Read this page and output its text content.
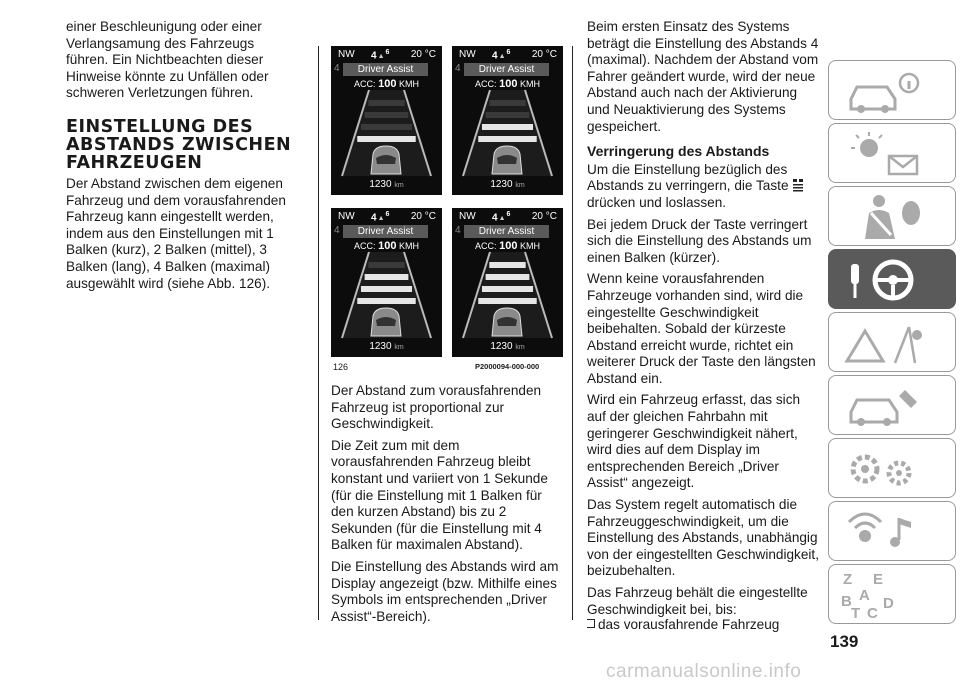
einer Beschleunigung oder einer Verlangsamung des Fahrzeugs führen. Ein Nichtbeachten dieser Hinweise könnte zu Unfällen oder schweren Verletzungen führen.

EINSTELLUNG DES ABSTANDS ZWISCHEN FAHRZEUGEN

Der Abstand zwischen dem eigenen Fahrzeug und dem vorausfahrenden Fahrzeug kann eingestellt werden, indem aus den Einstellungen mit 1 Balken (kurz), 2 Balken (mittel), 3 Balken (lang), 4 Balken (maximal) ausgewählt wird (siehe Abb. 126).

NW 4▲$^6$ 20 °C
4	Driver Assist
ACC: 100 KMH
1230 km
NW 4▲$^6$ 20 °C
4	Driver Assist
ACC: 100 KMH
1230 km
NW 4▲$^6$ 20 °C
4	Driver Assist
ACC: 100 KMH
1230 km
NW 4▲$^6$ 20 °C
4	Driver Assist
ACC: 100 KMH
1230 km
126	P2000094-000-000

Der Abstand zum vorausfahrenden Fahrzeug ist proportional zur Geschwindigkeit.

Die Zeit zum mit dem vorausfahrenden Fahrzeug bleibt konstant und variiert von 1 Sekunde (für die Einstellung mit 1 Balken für den kurzen Abstand) bis zu 2 Sekunden (für die Einstellung mit 4 Balken für maximalen Abstand).

Die Einstellung des Abstands wird am Display angezeigt (bzw. Mithilfe eines Symbols im entsprechenden „Driver Assist“-Bereich).

Beim ersten Einsatz des Systems beträgt die Einstellung des Abstands 4 (maximal). Nachdem der Abstand vom Fahrer geändert wurde, wird der neue Abstand auch nach der Aktivierung und Neuaktivierung des Systems gespeichert.

Verringerung des Abstands

Um die Einstellung bezüglich des Abstands zu verringern, die Taste  drücken und loslassen.

Bei jedem Druck der Taste verringert sich die Einstellung des Abstands um einen Balken (kürzer).

Wenn keine vorausfahrenden Fahrzeuge vorhanden sind, wird die eingestellte Geschwindigkeit beibehalten. Sobald der kürzeste Abstand erreicht wurde, richtet ein weiterer Druck der Taste den längsten Abstand ein.

Wird ein Fahrzeug erfasst, das sich auf der gleichen Fahrbahn mit geringerer Geschwindigkeit nähert, wird dies auf dem Display im entsprechenden Bereich „Driver Assist“ angezeigt.

Das System regelt automatisch die Fahrzeuggeschwindigkeit, um die Einstellung des Abstands, unabhängig von der eingestellten Geschwindigkeit, beizubehalten.

Das Fahrzeug behält die eingestellte Geschwindigkeit bei, bis:

das vorausfahrende Fahrzeug
Z E
B A
C
T
D
139
carmanualsonline.info
